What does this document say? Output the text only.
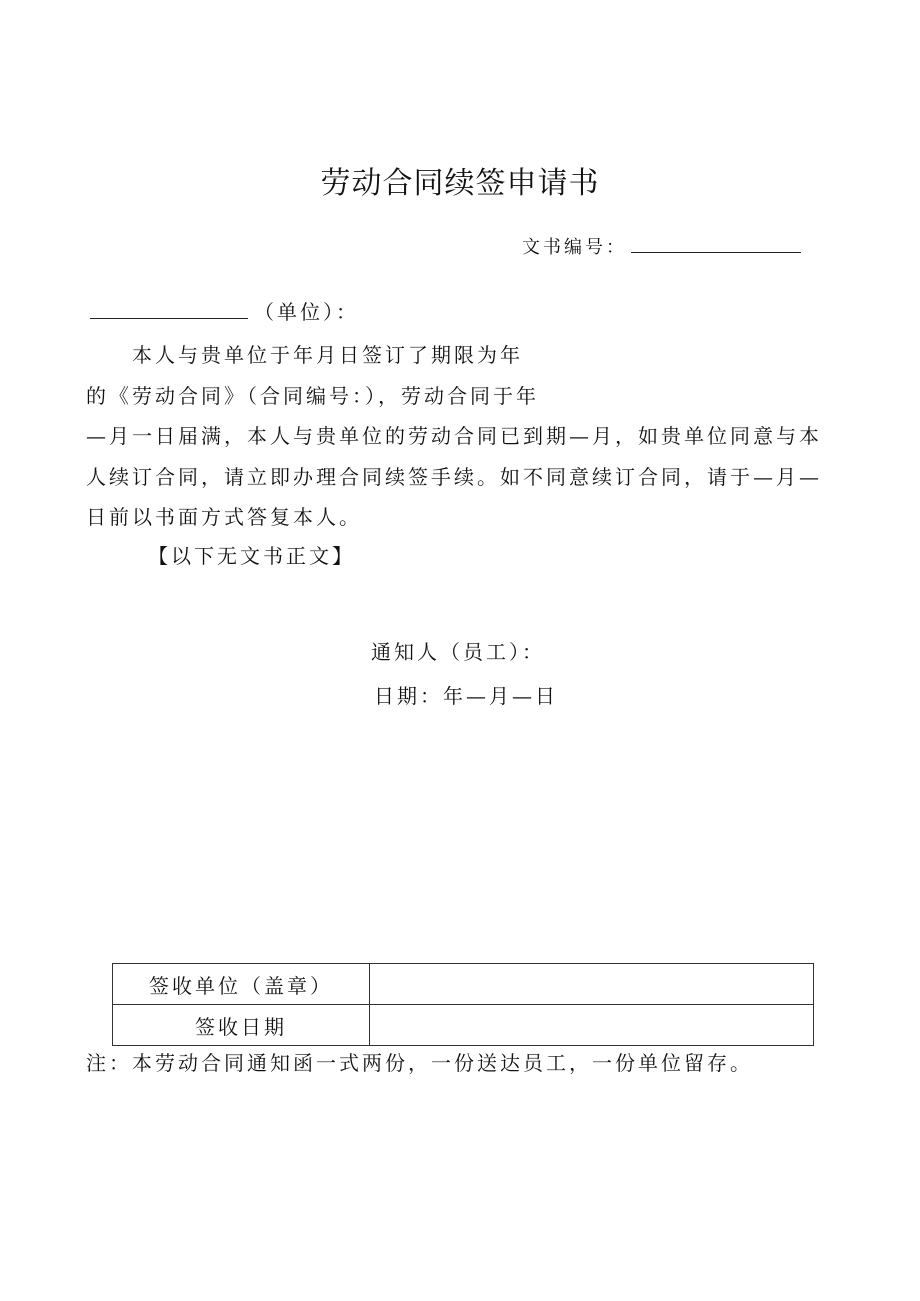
劳动合同续签申请书
文书编号：
（单位）：
本人与贵单位于年月日签订了期限为年
的《劳动合同》（合同编号：），劳动合同于年
—月一日届满，本人与贵单位的劳动合同已到期—月，如贵单位同意与本
人续订合同，请立即办理合同续签手续。如不同意续订合同，请于—月—
日前以书面方式答复本人。
【以下无文书正文】
通知人（员工）：
日期：年—月—日
签收单位（盖章）	
签收日期	
注：本劳动合同通知函一式两份，一份送达员工，一份单位留存。
